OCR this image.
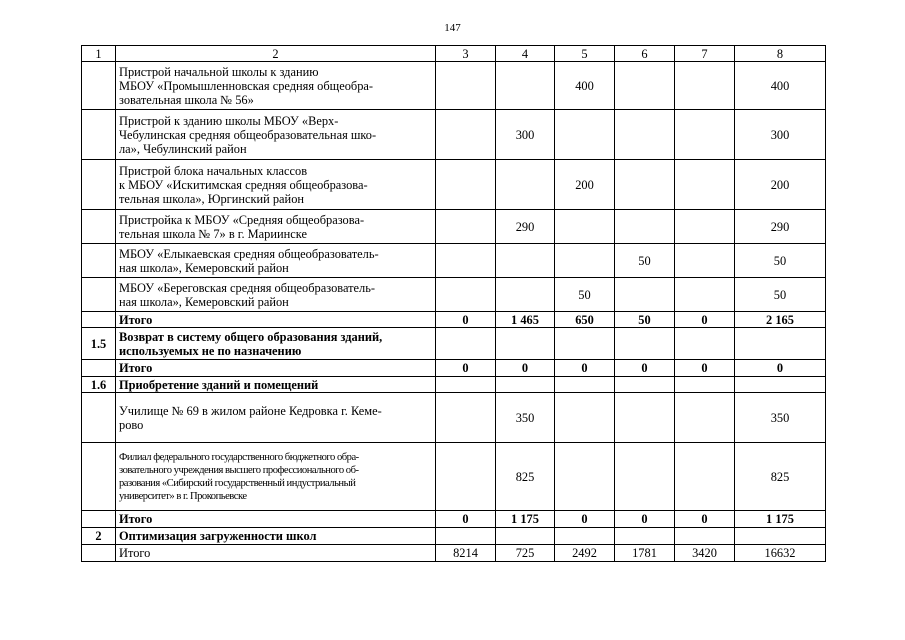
147
1	2	3	4	5	6	7	8
	Пристрой начальной школы к зданию
МБОУ «Промышленновская средняя общеобра-
зовательная школа № 56»			400			400
	Пристрой к зданию школы МБОУ «Верх-
Чебулинская средняя общеобразовательная шко-
ла», Чебулинский район		300				300
	Пристрой блока начальных классов
к МБОУ «Искитимская средняя общеобразова-
тельная школа», Юргинский район			200			200
	Пристройка к МБОУ «Средняя общеобразова-
тельная школа № 7» в г. Мариинске		290				290
	МБОУ «Елыкаевская средняя общеобразователь-
ная школа», Кемеровский район				50		50
	МБОУ «Береговская средняя общеобразователь-
ная школа», Кемеровский район			50			50
	Итого	0	1 465	650	50	0	2 165
1.5	Возврат в систему общего образования зданий,
используемых не по назначению						
	Итого	0	0	0	0	0	0
1.6	Приобретение зданий и помещений						
	Училище № 69 в жилом районе Кедровка г. Кеме-
рово		350				350
	Филиал федерального государственного бюджетного обра-
зовательного учреждения высшего профессионального об-
разования «Сибирский государственный индустриальный
университет» в г. Прокопьевске		825				825
	Итого	0	1 175	0	0	0	1 175
2	Оптимизация загруженности школ						
	Итого	8214	725	2492	1781	3420	16632
